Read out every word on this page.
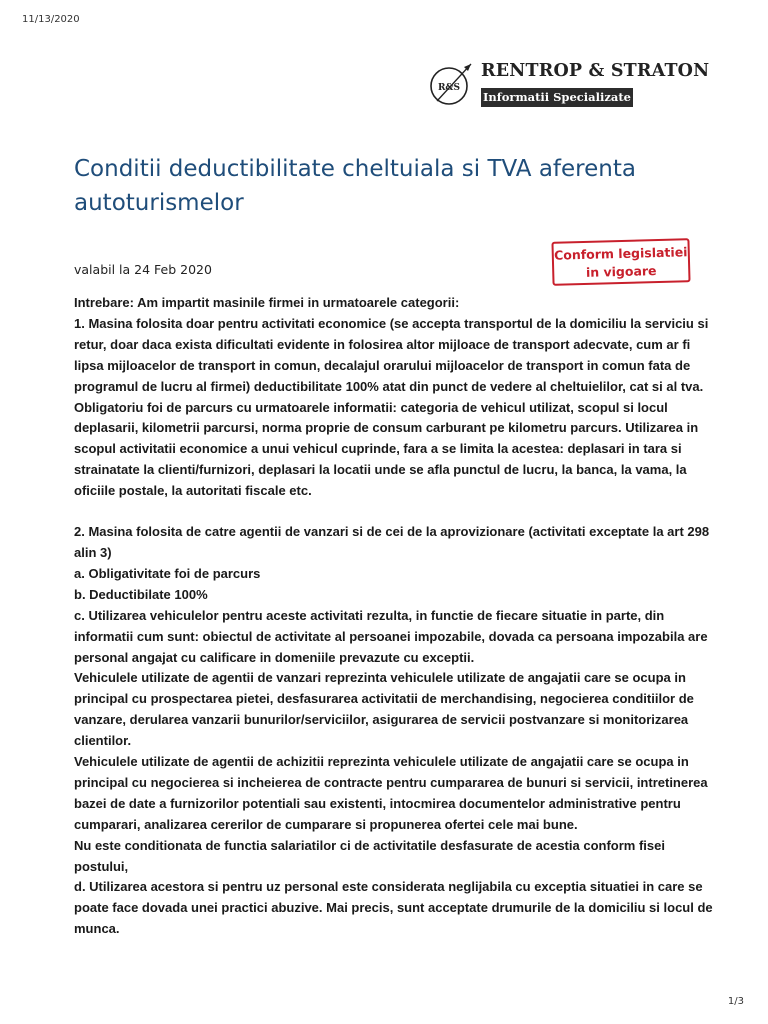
11/13/2020
R&S
RENTROP & STRATON
Informatii Specializate
Conditii deductibilitate cheltuiala si TVA aferenta autoturismelor
valabil la 24 Feb 2020
Conform legislatiei
in vigoare

Intrebare: Am impartit masinile firmei in urmatoarele categorii:

1. Masina folosita doar pentru activitati economice (se accepta transportul de la domiciliu la serviciu si retur, doar daca exista dificultati evidente in folosirea altor mijloace de transport adecvate, cum ar fi lipsa mijloacelor de transport in comun, decalajul orarului mijloacelor de transport in comun fata de programul de lucru al firmei) deductibilitate 100% atat din punct de vedere al cheltuielilor, cat si al tva. Obligatoriu foi de parcurs cu urmatoarele informatii: categoria de vehicul utilizat, scopul si locul deplasarii, kilometrii parcursi, norma proprie de consum carburant pe kilometru parcurs. Utilizarea in scopul activitatii economice a unui vehicul cuprinde, fara a se limita la acestea: deplasari in tara si strainatate la clienti/furnizori, deplasari la locatii unde se afla punctul de lucru, la banca, la vama, la oficiile postale, la autoritati fiscale etc.

2. Masina folosita de catre agentii de vanzari si de cei de la aprovizionare (activitati exceptate la art 298 alin 3)

a. Obligativitate foi de parcurs

b. Deductibilate 100%

c. Utilizarea vehiculelor pentru aceste activitati rezulta, in functie de fiecare situatie in parte, din informatii cum sunt: obiectul de activitate al persoanei impozabile, dovada ca persoana impozabila are personal angajat cu calificare in domeniile prevazute cu exceptii.

Vehiculele utilizate de agentii de vanzari reprezinta vehiculele utilizate de angajatii care se ocupa in principal cu prospectarea pietei, desfasurarea activitatii de merchandising, negocierea conditiilor de vanzare, derularea vanzarii bunurilor/serviciilor, asigurarea de servicii postvanzare si monitorizarea clientilor.

Vehiculele utilizate de agentii de achizitii reprezinta vehiculele utilizate de angajatii care se ocupa in principal cu negocierea si incheierea de contracte pentru cumpararea de bunuri si servicii, intretinerea bazei de date a furnizorilor potentiali sau existenti, intocmirea documentelor administrative pentru cumparari, analizarea cererilor de cumparare si propunerea ofertei cele mai bune.

Nu este conditionata de functia salariatilor ci de activitatile desfasurate de acestia conform fisei postului,

d. Utilizarea acestora si pentru uz personal este considerata neglijabila cu exceptia situatiei in care se poate face dovada unei practici abuzive. Mai precis, sunt acceptate drumurile de la domiciliu si locul de munca.

1/3
